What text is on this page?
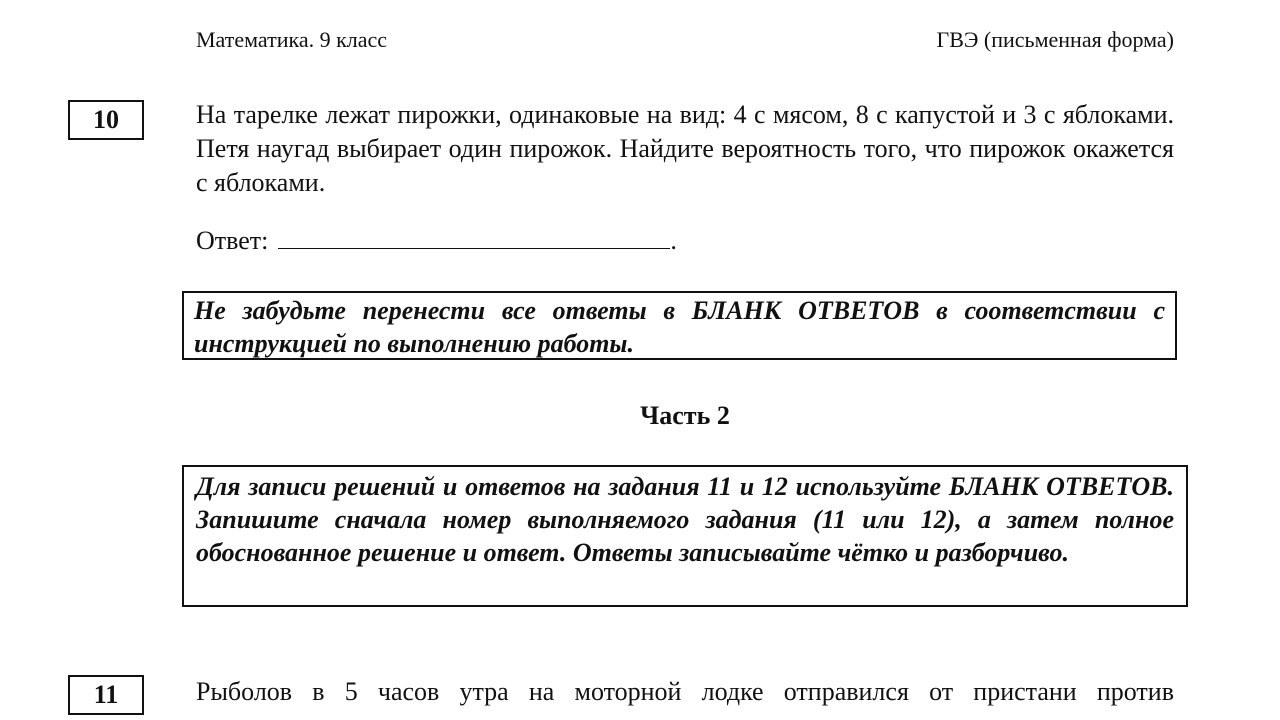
Математика. 9 класс	ГВЭ (письменная форма)
10	На тарелке лежат пирожки, одинаковые на вид: 4 с мясом, 8 с капустой и 3 с яблоками. Петя наугад выбирает один пирожок. Найдите вероятность того, что пирожок окажется с яблоками.
Ответ:	.
Не забудьте перенести все ответы в БЛАНК ОТВЕТОВ в соответствии с инструкцией по выполнению работы.
Часть 2
Для записи решений и ответов на задания 11 и 12 используйте БЛАНК ОТВЕТОВ. Запишите сначала номер выполняемого задания (11 или 12), а затем полное обоснованное решение и ответ. Ответы записывайте чётко и разборчиво.
11	Рыболов в 5 часов утра на моторной лодке отправился от пристани против
